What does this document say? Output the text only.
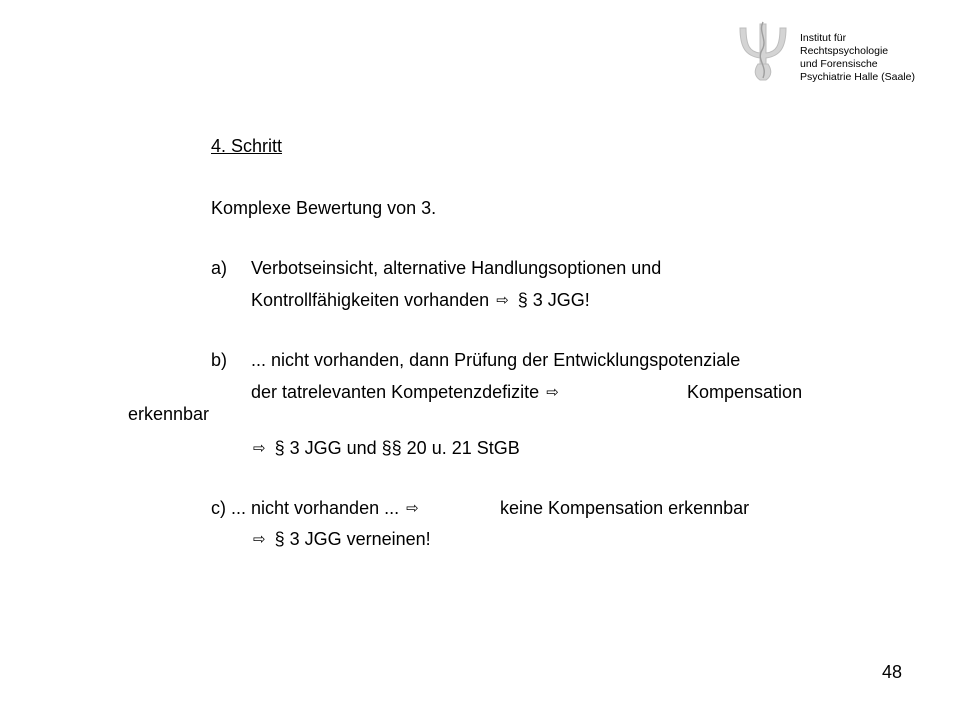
Institut für
Rechtspsychologie
und Forensische
Psychiatrie Halle (Saale)
4. Schritt
Komplexe Bewertung von 3.
a) Verbotseinsicht, alternative Handlungsoptionen und
Kontrollfähigkeiten vorhanden ⇨ § 3 JGG!
b) ... nicht vorhanden, dann Prüfung der Entwicklungspotenziale
der tatrelevanten Kompetenzdefizite ⇨	Kompensation
erkennbar
⇨ § 3 JGG und §§ 20 u. 21 StGB
c) ... nicht vorhanden ... ⇨	keine Kompensation erkennbar
⇨ § 3 JGG verneinen!
48
